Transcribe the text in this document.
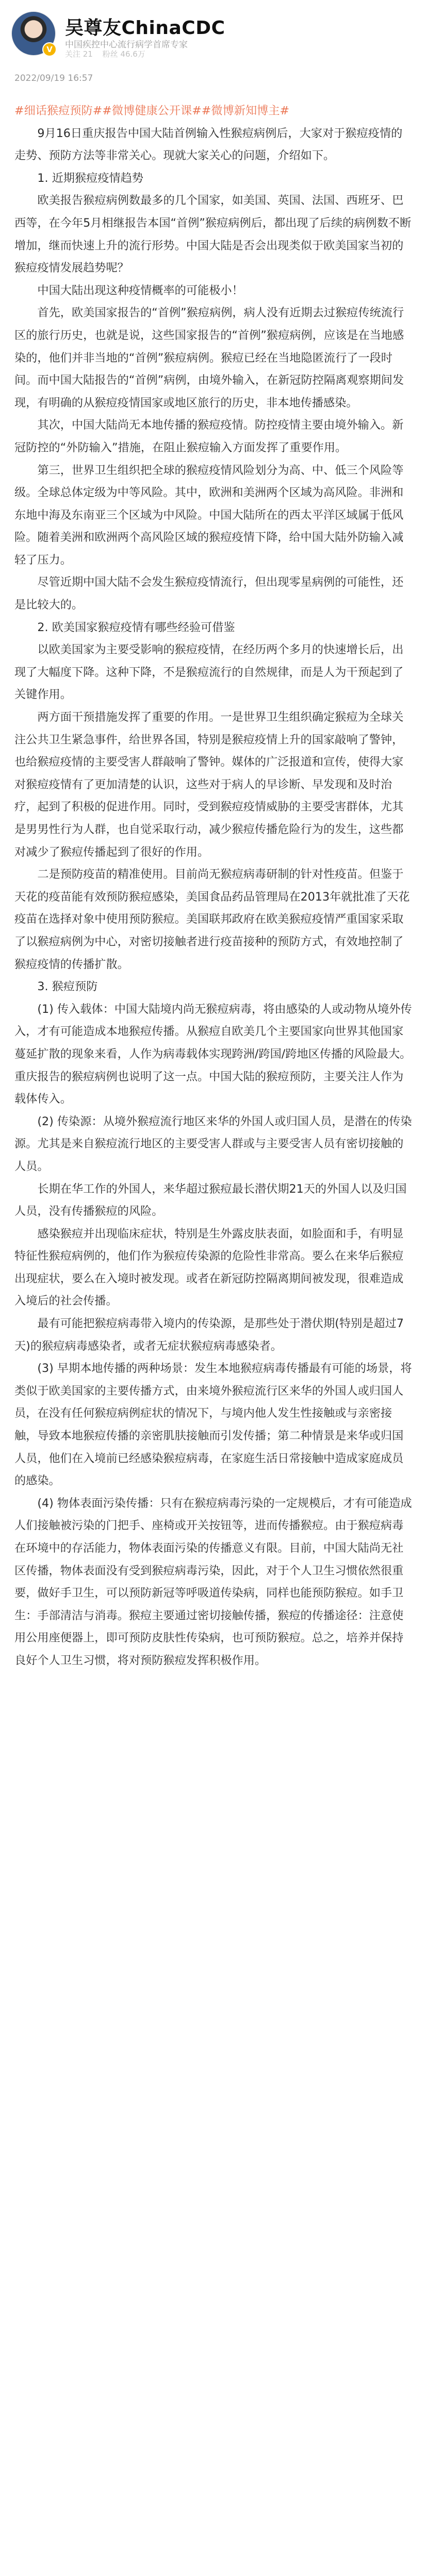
V
吴尊友ChinaCDC
中国疾控中心流行病学首席专家
关注 21 粉丝 46.6万
2022/09/19 16:57

#细话猴痘预防##微博健康公开课##微博新知博主#

9月16日重庆报告中国大陆首例输入性猴痘病例后，大家对于猴痘疫情的走势、预防方法等非常关心。现就大家关心的问题，介绍如下。

1. 近期猴痘疫情趋势

欧美报告猴痘病例数最多的几个国家，如美国、英国、法国、西班牙、巴西等，在今年5月相继报告本国“首例”猴痘病例后，都出现了后续的病例数不断增加，继而快速上升的流行形势。中国大陆是否会出现类似于欧美国家当初的猴痘疫情发展趋势呢？

中国大陆出现这种疫情概率的可能极小！

首先，欧美国家报告的“首例”猴痘病例，病人没有近期去过猴痘传统流行区的旅行历史，也就是说，这些国家报告的“首例”猴痘病例，应该是在当地感染的，他们并非当地的“首例”猴痘病例。猴痘已经在当地隐匿流行了一段时间。而中国大陆报告的“首例”病例，由境外输入，在新冠防控隔离观察期间发现，有明确的从猴痘疫情国家或地区旅行的历史，非本地传播感染。

其次，中国大陆尚无本地传播的猴痘疫情。防控疫情主要由境外输入。新冠防控的“外防输入”措施，在阻止猴痘输入方面发挥了重要作用。

第三，世界卫生组织把全球的猴痘疫情风险划分为高、中、低三个风险等级。全球总体定级为中等风险。其中，欧洲和美洲两个区域为高风险。非洲和东地中海及东南亚三个区域为中风险。中国大陆所在的西太平洋区域属于低风险。随着美洲和欧洲两个高风险区域的猴痘疫情下降，给中国大陆外防输入减轻了压力。

尽管近期中国大陆不会发生猴痘疫情流行，但出现零星病例的可能性，还是比较大的。

2. 欧美国家猴痘疫情有哪些经验可借鉴

以欧美国家为主要受影响的猴痘疫情，在经历两个多月的快速增长后，出现了大幅度下降。这种下降，不是猴痘流行的自然规律，而是人为干预起到了关键作用。

两方面干预措施发挥了重要的作用。一是世界卫生组织确定猴痘为全球关注公共卫生紧急事件，给世界各国，特别是猴痘疫情上升的国家敲响了警钟，也给猴痘疫情的主要受害人群敲响了警钟。媒体的广泛报道和宣传，使得大家对猴痘疫情有了更加清楚的认识，这些对于病人的早诊断、早发现和及时治疗，起到了积极的促进作用。同时，受到猴痘疫情威胁的主要受害群体，尤其是男男性行为人群，也自觉采取行动，减少猴痘传播危险行为的发生，这些都对减少了猴痘传播起到了很好的作用。

二是预防疫苗的精准使用。目前尚无猴痘病毒研制的针对性疫苗。但鉴于天花的疫苗能有效预防猴痘感染，美国食品药品管理局在2013年就批准了天花疫苗在选择对象中使用预防猴痘。美国联邦政府在欧美猴痘疫情严重国家采取了以猴痘病例为中心，对密切接触者进行疫苗接种的预防方式，有效地控制了猴痘疫情的传播扩散。

3. 猴痘预防

(1) 传入载体：中国大陆境内尚无猴痘病毒，将由感染的人或动物从境外传入，才有可能造成本地猴痘传播。从猴痘自欧美几个主要国家向世界其他国家蔓延扩散的现象来看，人作为病毒载体实现跨洲/跨国/跨地区传播的风险最大。重庆报告的猴痘病例也说明了这一点。中国大陆的猴痘预防，主要关注人作为载体传入。

(2) 传染源：从境外猴痘流行地区来华的外国人或归国人员，是潜在的传染源。尤其是来自猴痘流行地区的主要受害人群或与主要受害人员有密切接触的人员。

长期在华工作的外国人，来华超过猴痘最长潜伏期21天的外国人以及归国人员，没有传播猴痘的风险。

感染猴痘并出现临床症状，特别是生外露皮肤表面，如脸面和手，有明显特征性猴痘病例的，他们作为猴痘传染源的危险性非常高。要么在来华后猴痘出现症状，要么在入境时被发现。或者在新冠防控隔离期间被发现，很难造成入境后的社会传播。

最有可能把猴痘病毒带入境内的传染源，是那些处于潜伏期(特别是超过7天)的猴痘病毒感染者，或者无症状猴痘病毒感染者。

(3) 早期本地传播的两种场景：发生本地猴痘病毒传播最有可能的场景，将类似于欧美国家的主要传播方式，由来境外猴痘流行区来华的外国人或归国人员，在没有任何猴痘病例症状的情况下，与境内他人发生性接触或与亲密接触，导致本地猴痘传播的亲密肌肤接触而引发传播；第二种情景是来华或归国人员，他们在入境前已经感染猴痘病毒，在家庭生活日常接触中造成家庭成员的感染。

(4) 物体表面污染传播：只有在猴痘病毒污染的一定规模后，才有可能造成人们接触被污染的门把手、座椅或开关按钮等，进而传播猴痘。由于猴痘病毒在环境中的存活能力，物体表面污染的传播意义有限。目前，中国大陆尚无社区传播，物体表面没有受到猴痘病毒污染，因此，对于个人卫生习惯依然很重要，做好手卫生，可以预防新冠等呼吸道传染病，同样也能预防猴痘。如手卫生：手部清洁与消毒。猴痘主要通过密切接触传播，猴痘的传播途径：注意使用公用座便器上，即可预防皮肤性传染病，也可预防猴痘。总之，培养并保持良好个人卫生习惯，将对预防猴痘发挥积极作用。
